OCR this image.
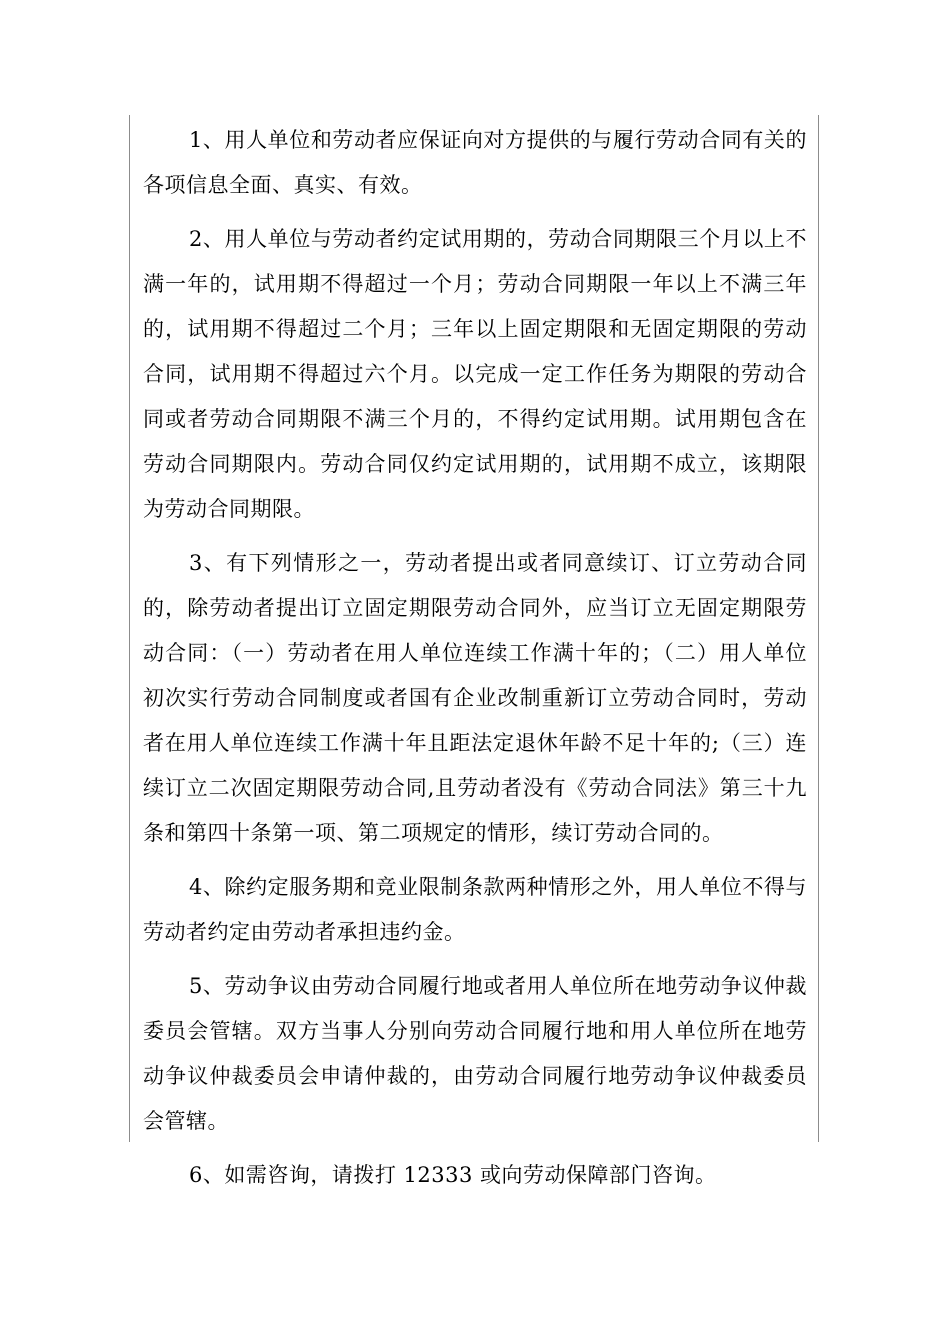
1、用人单位和劳动者应保证向对方提供的与履行劳动合同有关的各项信息全面、真实、有效。

2、用人单位与劳动者约定试用期的，劳动合同期限三个月以上不满一年的，试用期不得超过一个月；劳动合同期限一年以上不满三年的，试用期不得超过二个月；三年以上固定期限和无固定期限的劳动合同，试用期不得超过六个月。以完成一定工作任务为期限的劳动合同或者劳动合同期限不满三个月的，不得约定试用期。试用期包含在劳动合同期限内。劳动合同仅约定试用期的，试用期不成立，该期限为劳动合同期限。

3、有下列情形之一，劳动者提出或者同意续订、订立劳动合同的，除劳动者提出订立固定期限劳动合同外，应当订立无固定期限劳动合同：（一）劳动者在用人单位连续工作满十年的；（二）用人单位初次实行劳动合同制度或者国有企业改制重新订立劳动合同时，劳动者在用人单位连续工作满十年且距法定退休年龄不足十年的;（三）连续订立二次固定期限劳动合同,且劳动者没有《劳动合同法》第三十九条和第四十条第一项、第二项规定的情形，续订劳动合同的。

4、除约定服务期和竞业限制条款两种情形之外，用人单位不得与劳动者约定由劳动者承担违约金。

5、劳动争议由劳动合同履行地或者用人单位所在地劳动争议仲裁委员会管辖。双方当事人分别向劳动合同履行地和用人单位所在地劳动争议仲裁委员会申请仲裁的，由劳动合同履行地劳动争议仲裁委员会管辖。

6、如需咨询，请拨打 12333 或向劳动保障部门咨询。
